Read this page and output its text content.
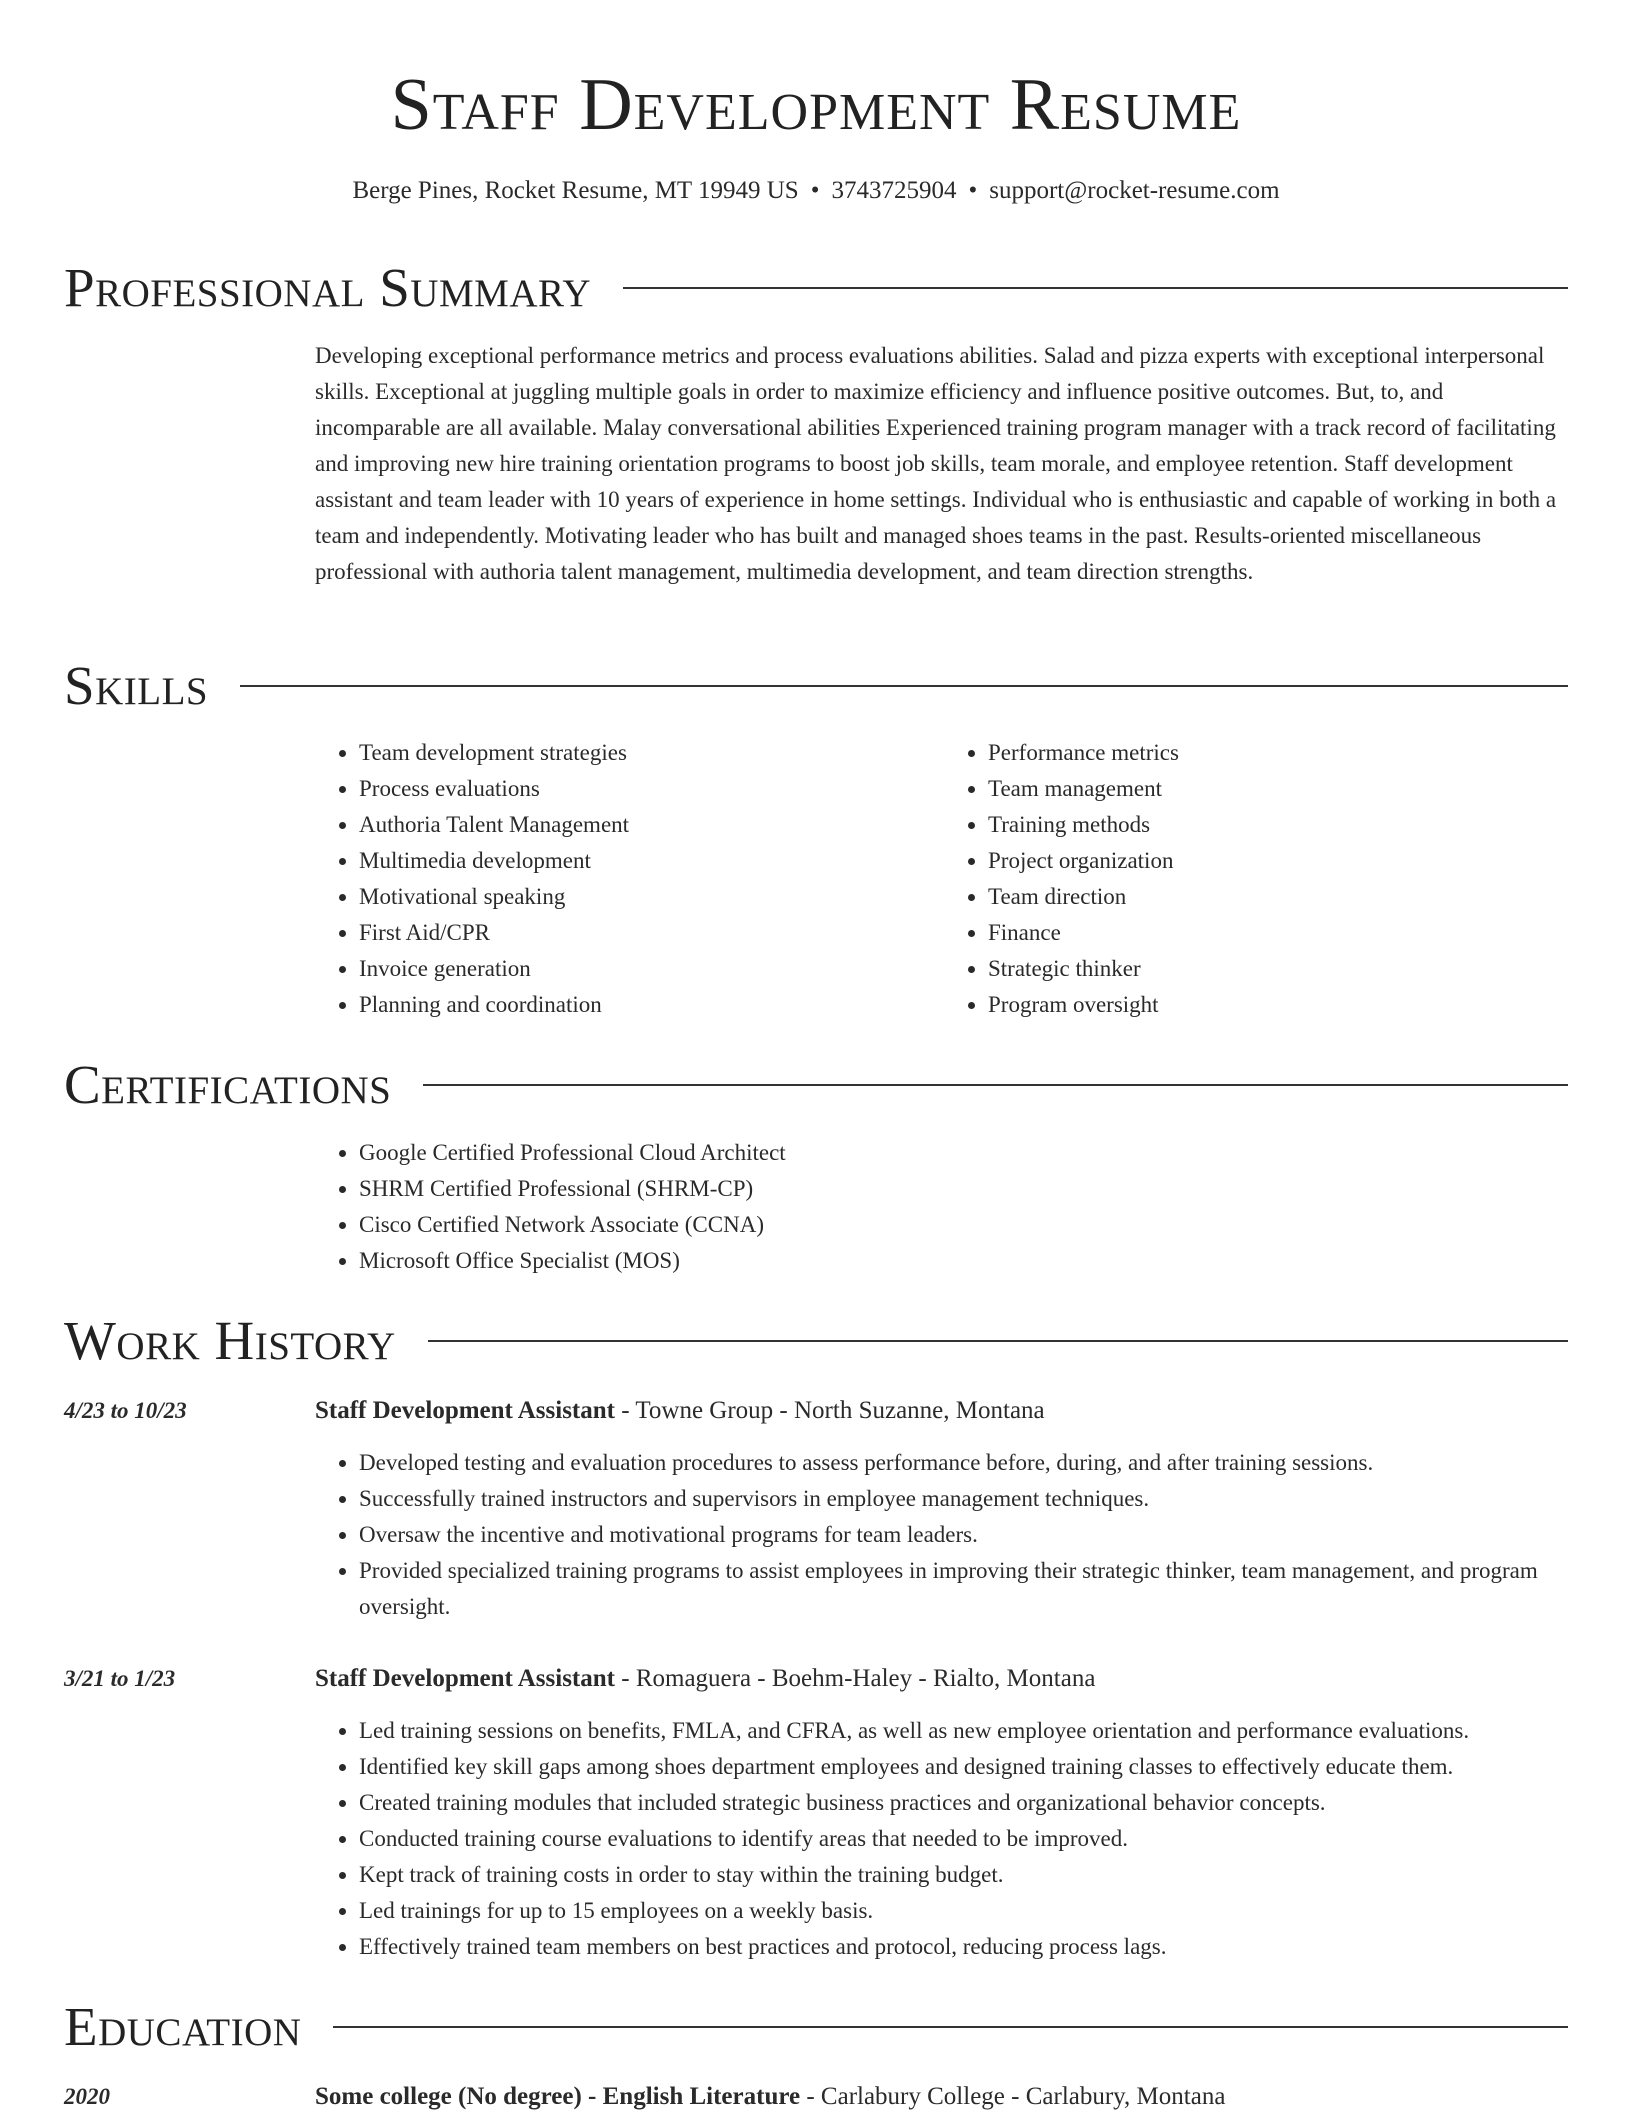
Staff Development Resume
Berge Pines, Rocket Resume, MT 19949 US • 3743725904 • support@rocket-resume.com
Professional Summary

Developing exceptional performance metrics and process evaluations abilities. Salad and pizza experts with exceptional interpersonal skills. Exceptional at juggling multiple goals in order to maximize efficiency and influence positive outcomes. But, to, and incomparable are all available. Malay conversational abilities Experienced training program manager with a track record of facilitating and improving new hire training orientation programs to boost job skills, team morale, and employee retention. Staff development assistant and team leader with 10 years of experience in home settings. Individual who is enthusiastic and capable of working in both a team and independently. Motivating leader who has built and managed shoes teams in the past. Results-oriented miscellaneous professional with authoria talent management, multimedia development, and team direction strengths.

Skills
• Team development strategies
• Process evaluations
• Authoria Talent Management
• Multimedia development
• Motivational speaking
• First Aid/CPR
• Invoice generation
• Planning and coordination
• Performance metrics
• Team management
• Training methods
• Project organization
• Team direction
• Finance
• Strategic thinker
• Program oversight
Certifications
• Google Certified Professional Cloud Architect
• SHRM Certified Professional (SHRM-CP)
• Cisco Certified Network Associate (CCNA)
• Microsoft Office Specialist (MOS)
Work History
4/23 to 10/23	Staff Development Assistant - Towne Group - North Suzanne, Montana
• Developed testing and evaluation procedures to assess performance before, during, and after training sessions.
• Successfully trained instructors and supervisors in employee management techniques.
• Oversaw the incentive and motivational programs for team leaders.
• Provided specialized training programs to assist employees in improving their strategic thinker, team management, and program oversight.
3/21 to 1/23	Staff Development Assistant - Romaguera - Boehm-Haley - Rialto, Montana
• Led training sessions on benefits, FMLA, and CFRA, as well as new employee orientation and performance evaluations.
• Identified key skill gaps among shoes department employees and designed training classes to effectively educate them.
• Created training modules that included strategic business practices and organizational behavior concepts.
• Conducted training course evaluations to identify areas that needed to be improved.
• Kept track of training costs in order to stay within the training budget.
• Led trainings for up to 15 employees on a weekly basis.
• Effectively trained team members on best practices and protocol, reducing process lags.
Education
2020	Some college (No degree) - English Literature - Carlabury College - Carlabury, Montana
